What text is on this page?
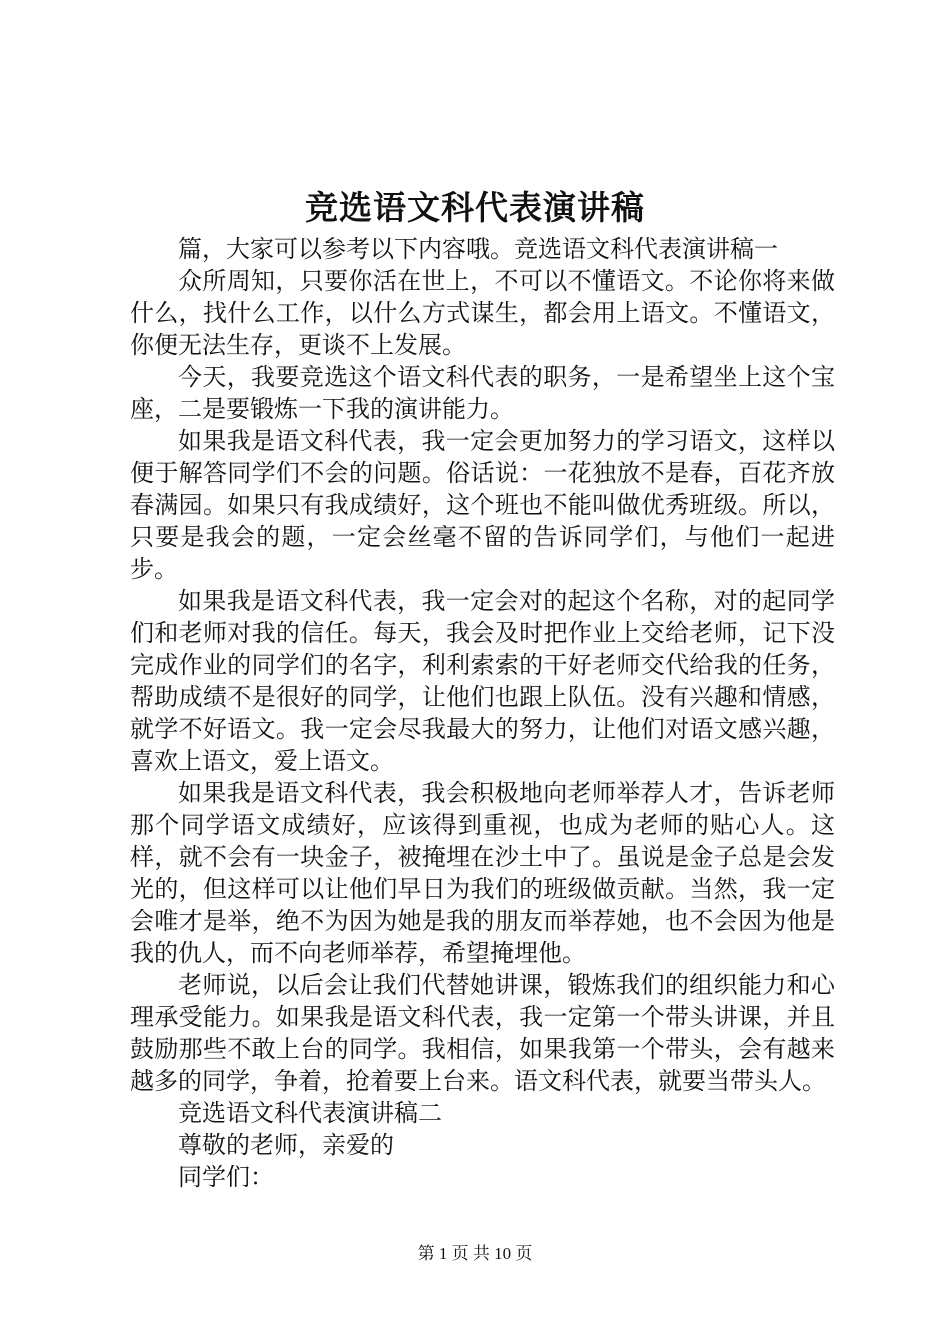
竞选语文科代表演讲稿

篇，大家可以参考以下内容哦。竞选语文科代表演讲稿一

众所周知，只要你活在世上，不可以不懂语文。不论你将来做什么，找什么工作，以什么方式谋生，都会用上语文。不懂语文，你便无法生存，更谈不上发展。

今天，我要竞选这个语文科代表的职务，一是希望坐上这个宝座，二是要锻炼一下我的演讲能力。

如果我是语文科代表，我一定会更加努力的学习语文，这样以便于解答同学们不会的问题。俗话说：一花独放不是春，百花齐放春满园。如果只有我成绩好，这个班也不能叫做优秀班级。所以，只要是我会的题，一定会丝毫不留的告诉同学们，与他们一起进步。

如果我是语文科代表，我一定会对的起这个名称，对的起同学们和老师对我的信任。每天，我会及时把作业上交给老师，记下没完成作业的同学们的名字，利利索索的干好老师交代给我的任务，帮助成绩不是很好的同学，让他们也跟上队伍。没有兴趣和情感，就学不好语文。我一定会尽我最大的努力，让他们对语文感兴趣，喜欢上语文，爱上语文。

如果我是语文科代表，我会积极地向老师举荐人才，告诉老师那个同学语文成绩好，应该得到重视，也成为老师的贴心人。这样，就不会有一块金子，被掩埋在沙土中了。虽说是金子总是会发光的，但这样可以让他们早日为我们的班级做贡献。当然，我一定会唯才是举，绝不为因为她是我的朋友而举荐她，也不会因为他是我的仇人，而不向老师举荐，希望掩埋他。

老师说，以后会让我们代替她讲课，锻炼我们的组织能力和心理承受能力。如果我是语文科代表，我一定第一个带头讲课，并且鼓励那些不敢上台的同学。我相信，如果我第一个带头，会有越来越多的同学，争着，抢着要上台来。语文科代表，就要当带头人。

竞选语文科代表演讲稿二

尊敬的老师，亲爱的

同学们：

第 1 页 共 10 页
